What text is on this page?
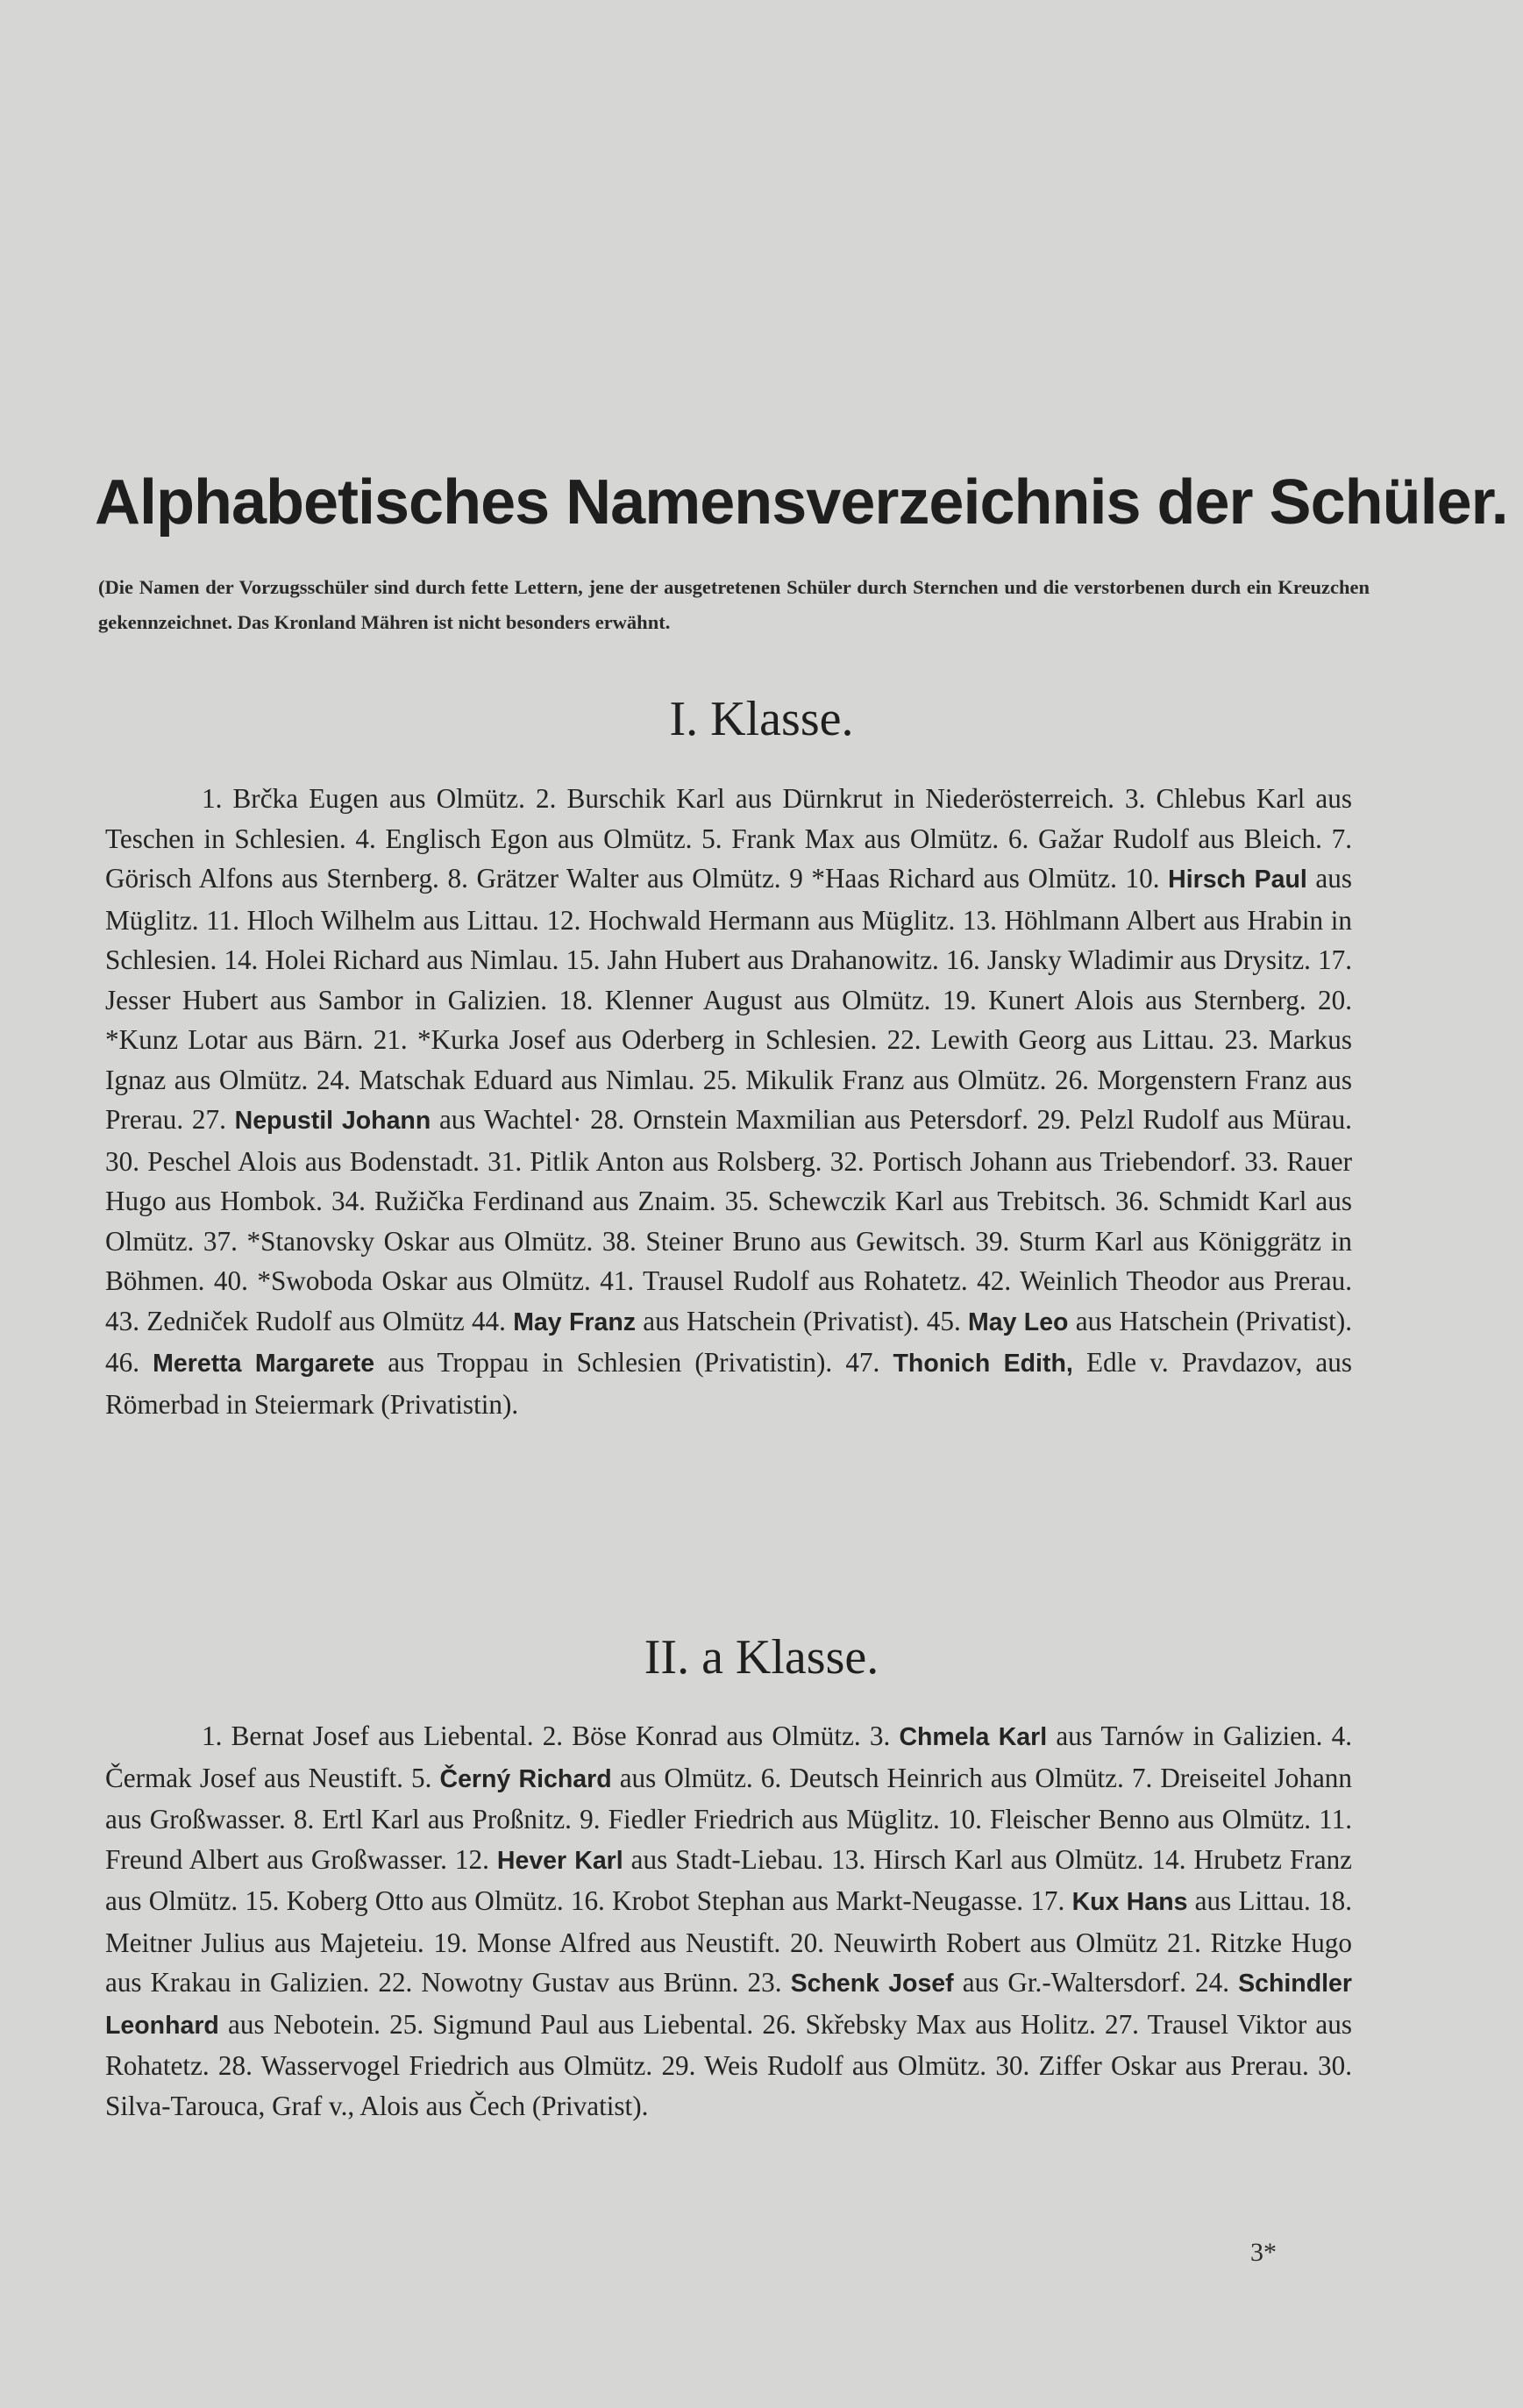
Alphabetisches Namensverzeichnis der Schüler.
(Die Namen der Vorzugsschüler sind durch fette Lettern, jene der ausgetretenen Schüler durch Sternchen und die verstorbenen durch ein Kreuzchen gekennzeichnet. Das Kronland Mähren ist nicht besonders erwähnt.
I. Klasse.
1. Brčka Eugen aus Olmütz. 2. Burschik Karl aus Dürnkrut in Niederösterreich. 3. Chlebus Karl aus Teschen in Schlesien. 4. Englisch Egon aus Olmütz. 5. Frank Max aus Olmütz. 6. Gažar Rudolf aus Bleich. 7. Görisch Alfons aus Sternberg. 8. Grätzer Walter aus Olmütz. 9 *Haas Richard aus Olmütz. 10. Hirsch Paul aus Müglitz. 11. Hloch Wilhelm aus Littau. 12. Hochwald Hermann aus Müglitz. 13. Höhlmann Albert aus Hrabin in Schlesien. 14. Holei Richard aus Nimlau. 15. Jahn Hubert aus Drahanowitz. 16. Jansky Wladimir aus Drysitz. 17. Jesser Hubert aus Sambor in Galizien. 18. Klenner August aus Olmütz. 19. Kunert Alois aus Sternberg. 20. *Kunz Lotar aus Bärn. 21. *Kurka Josef aus Oderberg in Schlesien. 22. Lewith Georg aus Littau. 23. Markus Ignaz aus Olmütz. 24. Matschak Eduard aus Nimlau. 25. Mikulik Franz aus Olmütz. 26. Morgenstern Franz aus Prerau. 27. Nepustil Johann aus Wachtel· 28. Ornstein Maxmilian aus Petersdorf. 29. Pelzl Rudolf aus Mürau. 30. Peschel Alois aus Bodenstadt. 31. Pitlik Anton aus Rolsberg. 32. Portisch Johann aus Triebendorf. 33. Rauer Hugo aus Hombok. 34. Ružička Ferdinand aus Znaim. 35. Schewczik Karl aus Trebitsch. 36. Schmidt Karl aus Olmütz. 37. *Stanovsky Oskar aus Olmütz. 38. Steiner Bruno aus Gewitsch. 39. Sturm Karl aus Königgrätz in Böhmen. 40. *Swoboda Oskar aus Olmütz. 41. Trausel Rudolf aus Rohatetz. 42. Weinlich Theodor aus Prerau. 43. Zedniček Rudolf aus Olmütz 44. May Franz aus Hatschein (Privatist). 45. May Leo aus Hatschein (Privatist). 46. Meretta Margarete aus Troppau in Schlesien (Privatistin). 47. Thonich Edith, Edle v. Pravdazov, aus Römerbad in Steiermark (Privatistin).
II. a Klasse.
1. Bernat Josef aus Liebental. 2. Böse Konrad aus Olmütz. 3. Chmela Karl aus Tarnów in Galizien. 4. Čermak Josef aus Neustift. 5. Černý Richard aus Olmütz. 6. Deutsch Heinrich aus Olmütz. 7. Dreiseitel Johann aus Großwasser. 8. Ertl Karl aus Proßnitz. 9. Fiedler Friedrich aus Müglitz. 10. Fleischer Benno aus Olmütz. 11. Freund Albert aus Großwasser. 12. Hever Karl aus Stadt-Liebau. 13. Hirsch Karl aus Olmütz. 14. Hrubetz Franz aus Olmütz. 15. Koberg Otto aus Olmütz. 16. Krobot Stephan aus Markt-Neugasse. 17. Kux Hans aus Littau. 18. Meitner Julius aus Majeteiu. 19. Monse Alfred aus Neustift. 20. Neuwirth Robert aus Olmütz 21. Ritzke Hugo aus Krakau in Galizien. 22. Nowotny Gustav aus Brünn. 23. Schenk Josef aus Gr.-Waltersdorf. 24. Schindler Leonhard aus Nebotein. 25. Sigmund Paul aus Liebental. 26. Skřebsky Max aus Holitz. 27. Trausel Viktor aus Rohatetz. 28. Wasservogel Friedrich aus Olmütz. 29. Weis Rudolf aus Olmütz. 30. Ziffer Oskar aus Prerau. 30. Silva-Tarouca, Graf v., Alois aus Čech (Privatist).
3*
